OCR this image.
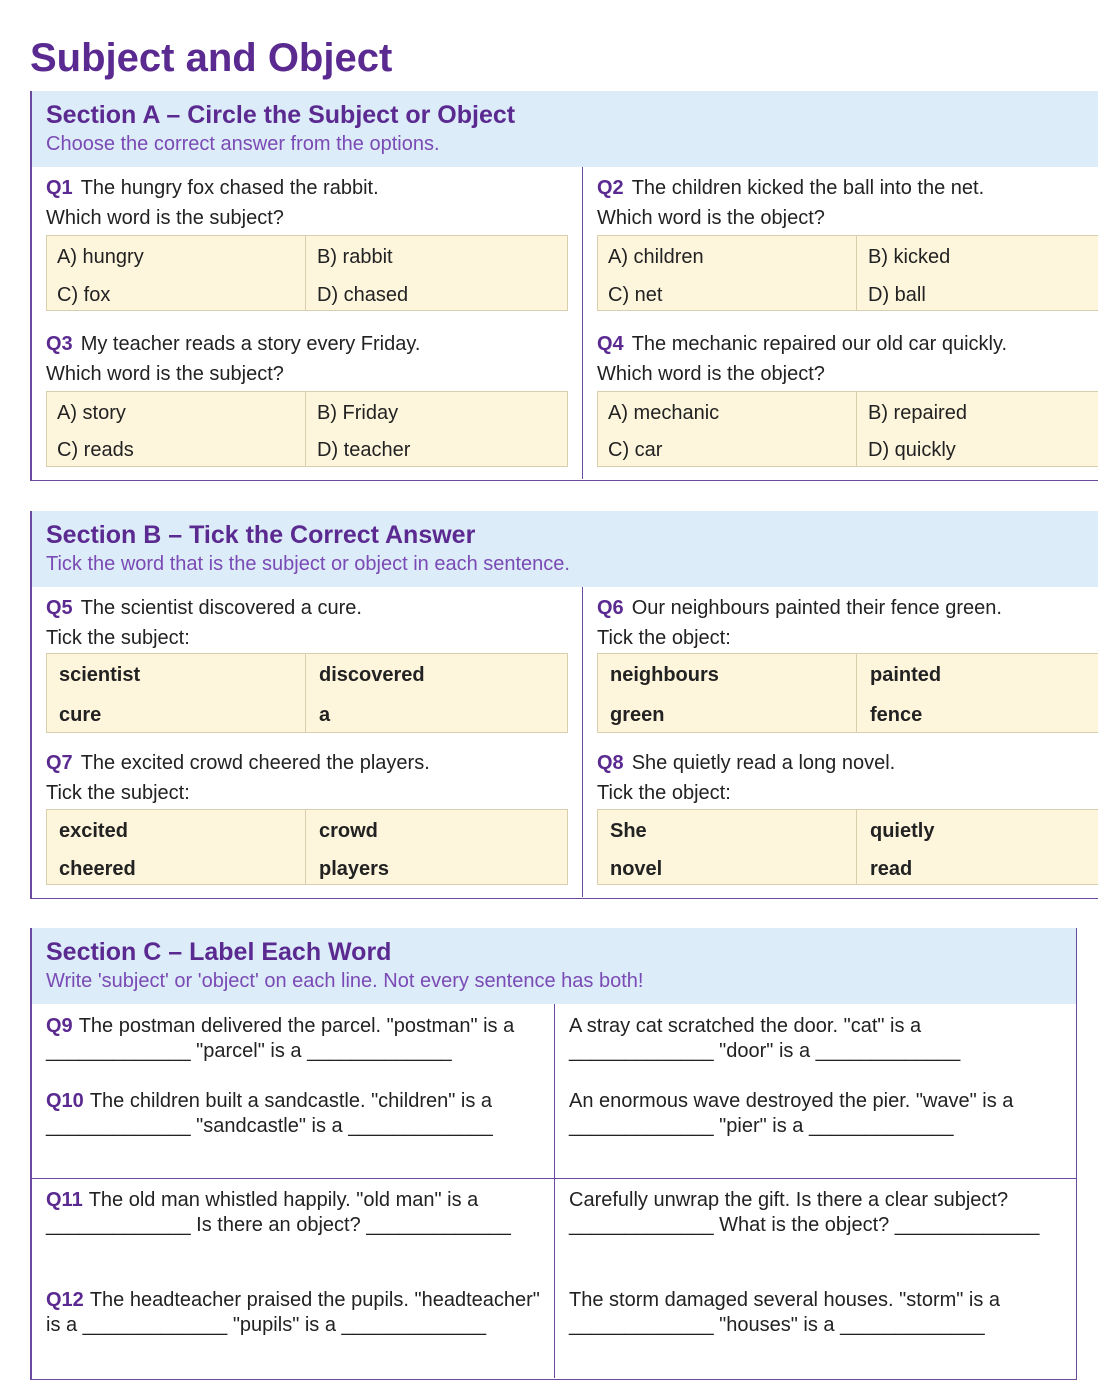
Subject and Object
Section A – Circle the Subject or Object
Choose the correct answer from the options.
Q1 The hungry fox chased the rabbit.
Which word is the subject?
A) hungry	B) rabbit
C) fox	D) chased
Q2 The children kicked the ball into the net.
Which word is the object?
A) children	B) kicked
C) net	D) ball
Q3 My teacher reads a story every Friday.
Which word is the subject?
A) story	B) Friday
C) reads	D) teacher
Q4 The mechanic repaired our old car quickly.
Which word is the object?
A) mechanic	B) repaired
C) car	D) quickly
Section B – Tick the Correct Answer
Tick the word that is the subject or object in each sentence.
Q5 The scientist discovered a cure.
Tick the subject:
scientist	discovered
cure	a
Q6 Our neighbours painted their fence green.
Tick the object:
neighbours	painted
green	fence
Q7 The excited crowd cheered the players.
Tick the subject:
excited	crowd
cheered	players
Q8 She quietly read a long novel.
Tick the object:
She	quietly
novel	read
Section C – Label Each Word
Write 'subject' or 'object' on each line. Not every sentence has both!
Q9 The postman delivered the parcel. "postman" is a _____________ "parcel" is a _____________
A stray cat scratched the door. "cat" is a _____________ "door" is a _____________
Q10 The children built a sandcastle. "children" is a _____________ "sandcastle" is a _____________
An enormous wave destroyed the pier. "wave" is a _____________ "pier" is a _____________
Q11 The old man whistled happily. "old man" is a _____________ Is there an object? _____________
Carefully unwrap the gift. Is there a clear subject? _____________ What is the object? _____________
Q12 The headteacher praised the pupils. "headteacher" is a _____________ "pupils" is a _____________
The storm damaged several houses. "storm" is a _____________ "houses" is a _____________
